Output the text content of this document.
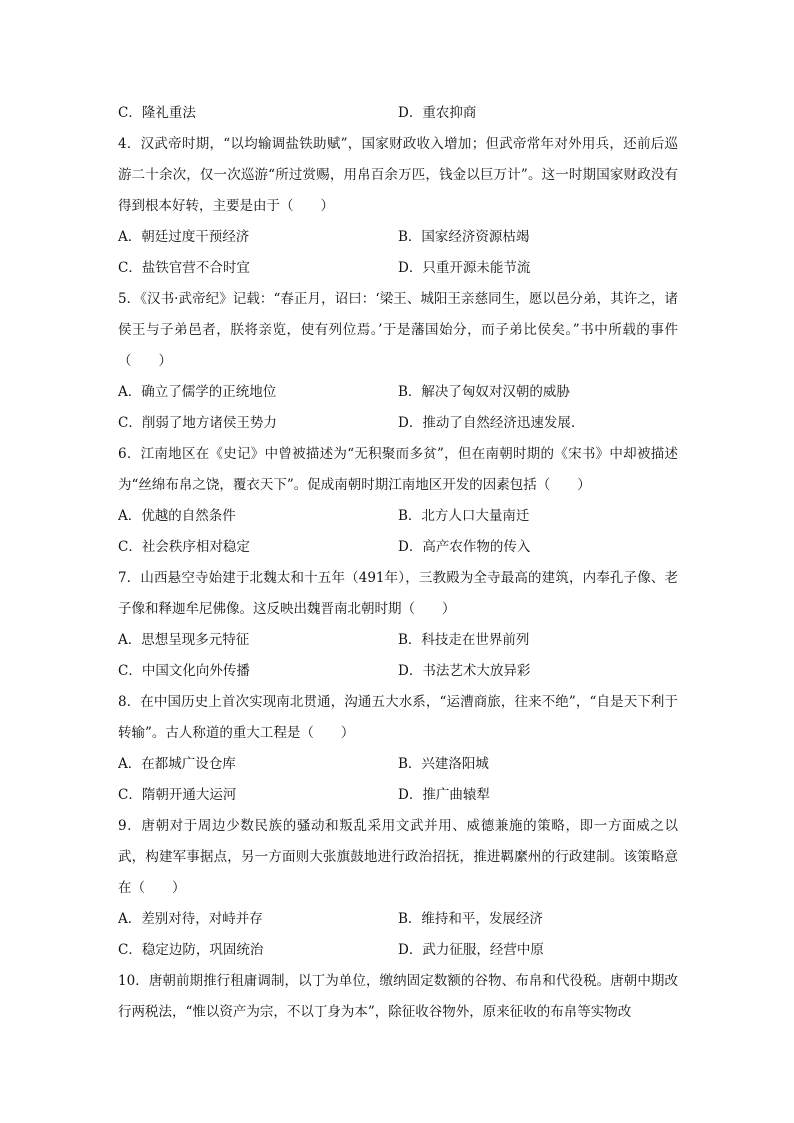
C．隆礼重法	D．重农抑商
4．汉武帝时期，“以均输调盐铁助赋”，国家财政收入增加；但武帝常年对外用兵，还前后巡游二十余次，仅一次巡游“所过赏赐，用帛百余万匹，钱金以巨万计”。这一时期国家财政没有得到根本好转，主要是由于（　　）
A．朝廷过度干预经济	B．国家经济资源枯竭
C．盐铁官营不合时宜	D．只重开源未能节流
5．《汉书·武帝纪》记载：“春正月，诏曰：‘梁王、城阳王亲慈同生，愿以邑分弟，其许之，诸侯王与子弟邑者，朕将亲览，使有列位焉。’于是藩国始分，而子弟比侯矣。”书中所载的事件（　　）
A．确立了儒学的正统地位	B．解决了匈奴对汉朝的威胁
C．削弱了地方诸侯王势力	D．推动了自然经济迅速发展.
6．江南地区在《史记》中曾被描述为“无积聚而多贫”，但在南朝时期的《宋书》中却被描述为“丝绵布帛之饶，覆衣天下”。促成南朝时期江南地区开发的因素包括（　　）
A．优越的自然条件	B．北方人口大量南迁
C．社会秩序相对稳定	D．高产农作物的传入
7．山西悬空寺始建于北魏太和十五年（491年），三教殿为全寺最高的建筑，内奉孔子像、老子像和释迦牟尼佛像。这反映出魏晋南北朝时期（　　）
A．思想呈现多元特征	B．科技走在世界前列
C．中国文化向外传播	D．书法艺术大放异彩
8．在中国历史上首次实现南北贯通，沟通五大水系，“运漕商旅，往来不绝”，“自是天下利于转输”。古人称道的重大工程是（　　）
A．在都城广设仓库	B．兴建洛阳城
C．隋朝开通大运河	D．推广曲辕犁
9．唐朝对于周边少数民族的骚动和叛乱采用文武并用、威德兼施的策略，即一方面威之以武，构建军事据点，另一方面则大张旗鼓地进行政治招抚，推进羁縻州的行政建制。该策略意在（　　）
A．差别对待，对峙并存	B．维持和平，发展经济
C．稳定边防，巩固统治	D．武力征服，经营中原
10．唐朝前期推行租庸调制，以丁为单位，缴纳固定数额的谷物、布帛和代役税。唐朝中期改行两税法，“惟以资产为宗，不以丁身为本”，除征收谷物外，原来征收的布帛等实物改
